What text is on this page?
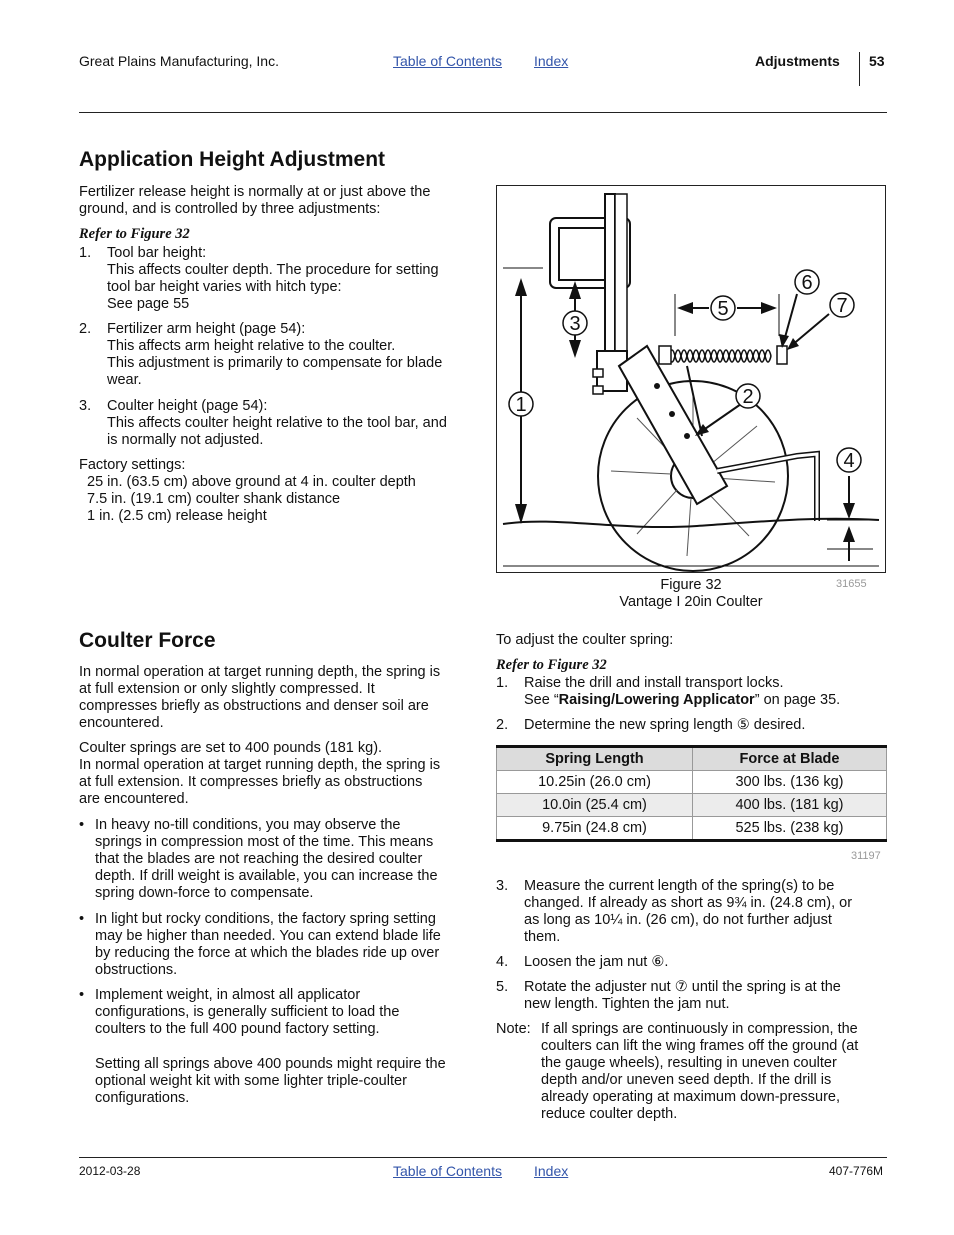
Great Plains Manufacturing, Inc.	Table of Contents Index	Adjustments 53
Application Height Adjustment
Fertilizer release height is normally at or just above the ground, and is controlled by three adjustments:
Refer to Figure 32
1. Tool bar height:
This affects coulter depth. The procedure for setting
tool bar height varies with hitch type:
See page 55
2. Fertilizer arm height (page 54):
This affects arm height relative to the coulter.
This adjustment is primarily to compensate for blade
wear.
3. Coulter height (page 54):
This affects coulter height relative to the tool bar, and
is normally not adjusted.
Factory settings:
25 in. (63.5 cm) above ground at 4 in. coulter depth
7.5 in. (19.1 cm) coulter shank distance
1 in. (2.5 cm) release height
1	2
3
4
5
6
7
Figure 32	31655
Vantage I 20in Coulter
Coulter Force
In normal operation at target running depth, the spring is
at full extension or only slightly compressed. It
compresses briefly as obstructions and denser soil are
encountered.
Coulter springs are set to 400 pounds (181 kg).
In normal operation at target running depth, the spring is
at full extension. It compresses briefly as obstructions
are encountered.
• In heavy no-till conditions, you may observe the
springs in compression most of the time. This means
that the blades are not reaching the desired coulter
depth. If drill weight is available, you can increase the
spring down-force to compensate.
• In light but rocky conditions, the factory spring setting
may be higher than needed. You can extend blade life
by reducing the force at which the blades ride up over
obstructions.
• Implement weight, in almost all applicator
configurations, is generally sufficient to load the
coulters to the full 400 pound factory setting.
Setting all springs above 400 pounds might require the
optional weight kit with some lighter triple-coulter
configurations.
To adjust the coulter spring:
Refer to Figure 32
1. Raise the drill and install transport locks.
See “Raising/Lowering Applicator” on page 35.
2. Determine the new spring length ⑤ desired.
Spring Length	Force at Blade
10.25in (26.0 cm)	300 lbs. (136 kg)
10.0in (25.4 cm)	400 lbs. (181 kg)
9.75in (24.8 cm)	525 lbs. (238 kg)
31197
3. Measure the current length of the spring(s) to be
changed. If already as short as 9¾ in. (24.8 cm), or
as long as 10¼ in. (26 cm), do not further adjust
them.
4. Loosen the jam nut ⑥.
5. Rotate the adjuster nut ⑦ until the spring is at the
new length. Tighten the jam nut.
Note: If all springs are continuously in compression, the
coulters can lift the wing frames off the ground (at
the gauge wheels), resulting in uneven coulter
depth and/or uneven seed depth. If the drill is
already operating at maximum down-pressure,
reduce coulter depth.
2012-03-28	Table of Contents Index	407-776M
